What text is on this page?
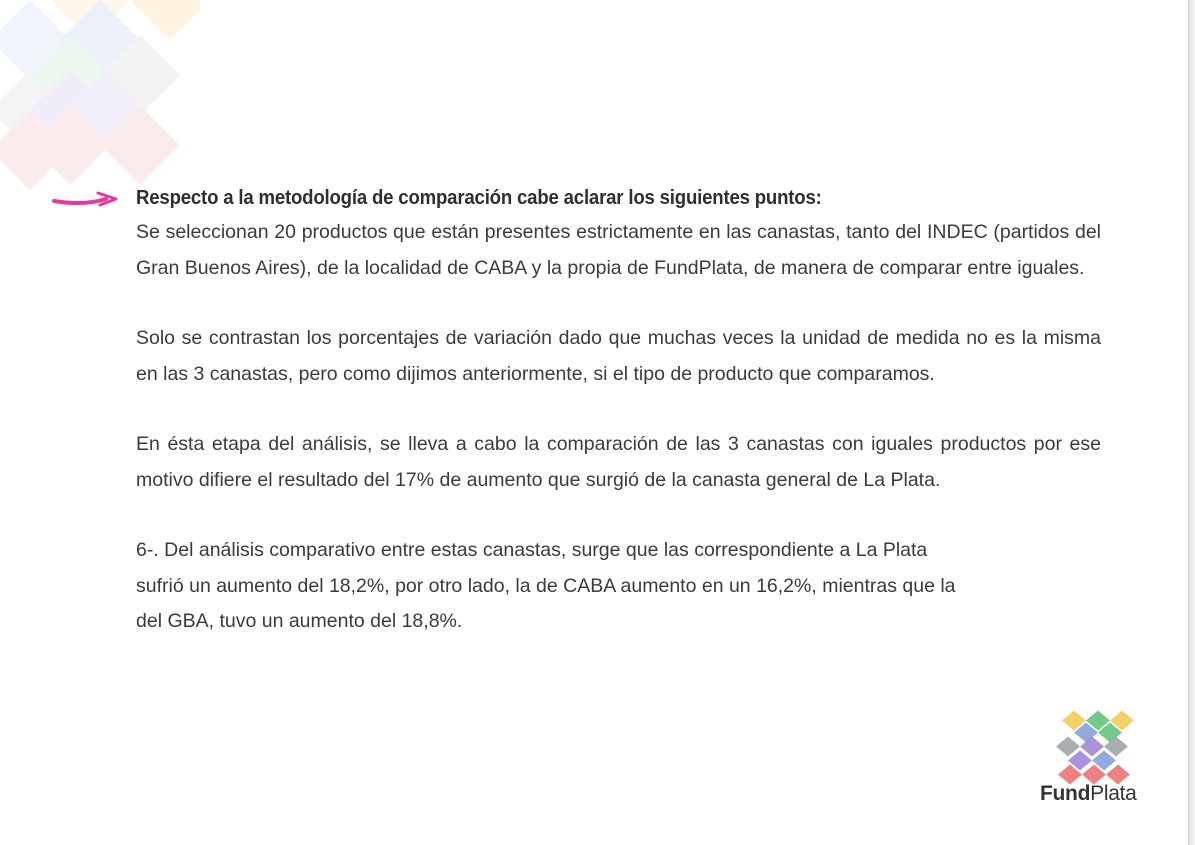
Respecto a la metodología de comparación cabe aclarar los siguientes puntos:

Se seleccionan 20 productos que están presentes estrictamente en las canastas, tanto del INDEC (partidos del Gran Buenos Aires), de la localidad de CABA y la propia de FundPlata, de manera de comparar entre iguales.

Solo se contrastan los porcentajes de variación dado que muchas veces la unidad de medida no es la misma en las 3 canastas, pero como dijimos anteriormente, si el tipo de producto que comparamos.

En ésta etapa del análisis, se lleva a cabo la comparación de las 3 canastas con iguales productos por ese motivo difiere el resultado del 17% de aumento que surgió de la canasta general de La Plata.

6-. Del análisis comparativo entre estas canastas, surge que las correspondiente a La Plata sufrió un aumento del 18,2%, por otro lado, la de CABA aumento en un 16,2%, mientras que la del GBA, tuvo un aumento del 18,8%.

FundPlata
